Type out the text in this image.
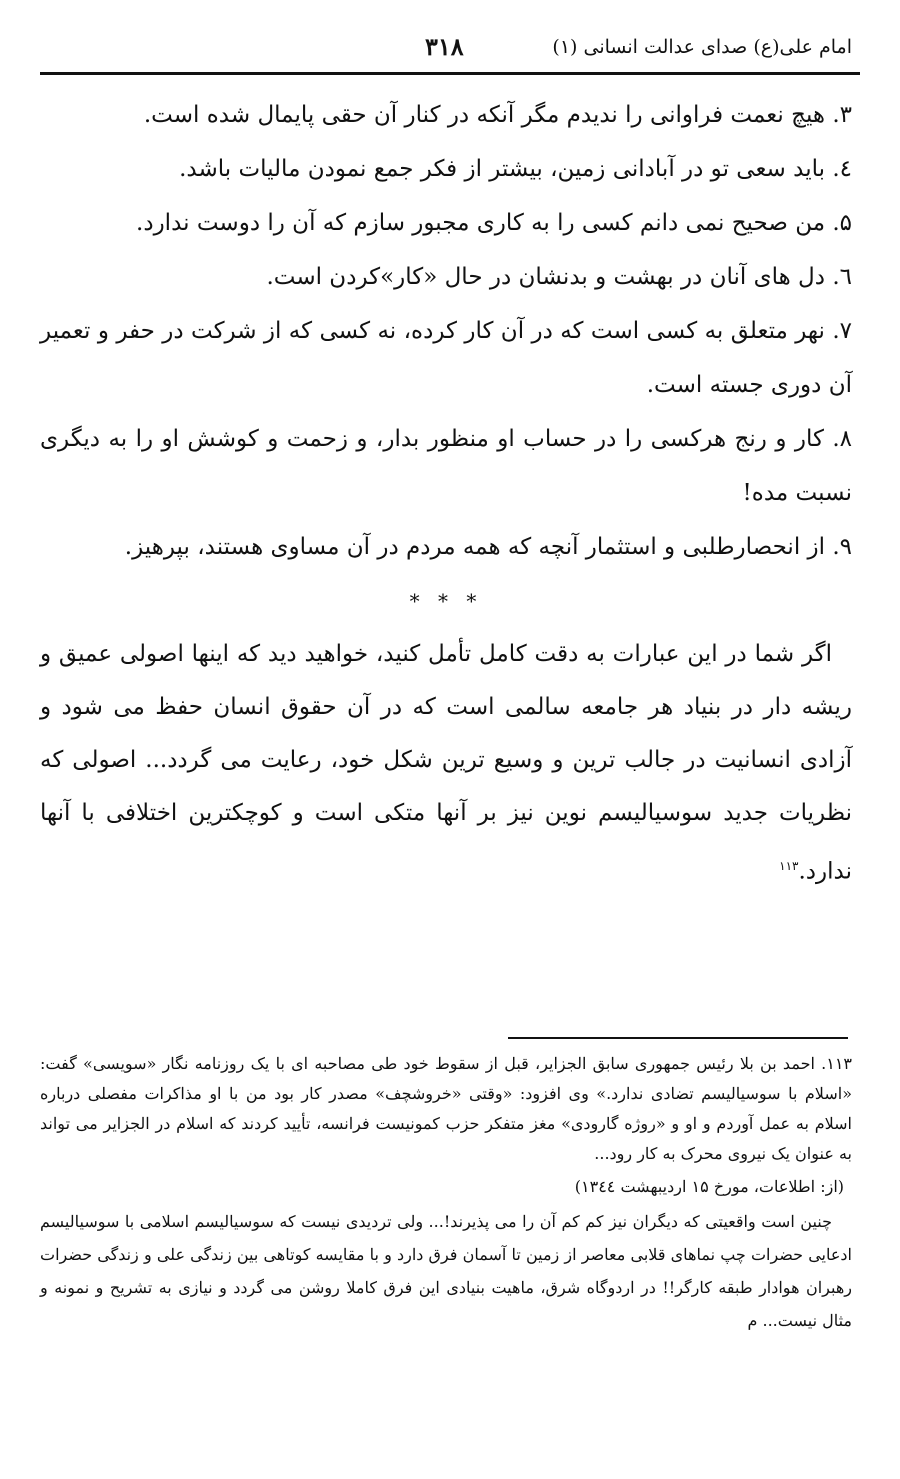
امام علی(ع) صدای عدالت انسانی (۱)
۳۱۸

۳. هیچ نعمت فراوانی را ندیدم مگر آنکه در کنار آن حقی پایمال شده است.

٤. باید سعی تو در آبادانی زمین، بیشتر از فکر جمع نمودن مالیات باشد.

۵. من صحیح نمی دانم کسی را به کاری مجبور سازم که آن را دوست ندارد.

٦. دل های آنان در بهشت و بدنشان در حال «کار»کردن است.

۷. نهر متعلق به کسی است که در آن کار کرده، نه کسی که از شرکت در حفر و تعمیر آن دوری جسته است.

۸. کار و رنج هرکسی را در حساب او منظور بدار، و زحمت و کوشش او را به دیگری نسبت مده!

۹. از انحصارطلبی و استثمار آنچه که همه مردم در آن مساوی هستند، بپرهیز.

* * *

اگر شما در این عبارات به دقت کامل تأمل کنید، خواهید دید که اینها اصولی عمیق و ریشه دار در بنیاد هر جامعه سالمی است که در آن حقوق انسان حفظ می شود و آزادی انسانیت در جالب ترین و وسیع ترین شکل خود، رعایت می گردد... اصولی که نظریات جدید سوسیالیسم نوین نیز بر آنها متکی است و کوچکترین اختلافی با آنها ندارد.$^{۱۱۳}$

۱۱۳. احمد بن بلا رئیس جمهوری سابق الجزایر، قبل از سقوط خود طی مصاحبه ای با یک روزنامه نگار «سویسی» گفت: «اسلام با سوسیالیسم تضادی ندارد.» وی افزود: «وقتی «خروشچف» مصدر کار بود من با او مذاکرات مفصلی درباره اسلام به عمل آوردم و او و «روژه گارودی» مغز متفکر حزب کمونیست فرانسه، تأیید کردند که اسلام در الجزایر می تواند به عنوان یک نیروی محرک به کار رود...

(از: اطلاعات، مورخ ۱۵ اردیبهشت ۱۳٤٤)

چنین است واقعیتی که دیگران نیز کم کم آن را می پذیرند!... ولی تردیدی نیست که سوسیالیسم اسلامی با سوسیالیسم ادعایی حضرات چپ نماهای قلابی معاصر از زمین تا آسمان فرق دارد و با مقایسه کوتاهی بین زندگی علی و زندگی حضرات رهبران هوادار طبقه کارگر!! در اردوگاه شرق، ماهیت بنیادی این فرق کاملا روشن می گردد و نیازی به تشریح و نمونه و مثال نیست... م
